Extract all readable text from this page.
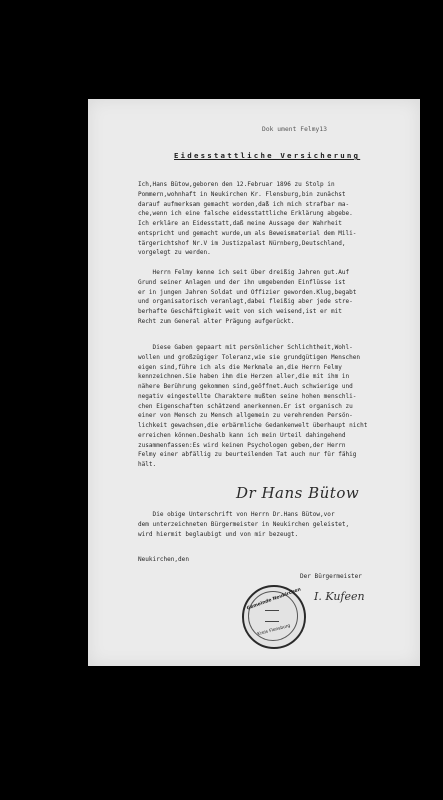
Dok ument Felmy13
Eidesstattliche Versicherung
Ich,Hans Bütow,geboren den 12.Februar 1896 zu Stolp in
Pommern,wohnhaft in Neukirchen Kr. Flensburg,bin zunächst
darauf aufmerksam gemacht worden,daß ich mich strafbar ma-
che,wenn ich eine falsche eidesstattliche Erklärung abgebe.
Ich erkläre an Eidesstatt,daß meine Aussage der Wahrheit
entspricht und gemacht wurde,um als Beweismaterial dem Mili-
tärgerichtshof Nr.V im Justizpalast Nürnberg,Deutschland,
vorgelegt zu werden.
Herrn Felmy kenne ich seit über dreißig Jahren gut.Auf
Grund seiner Anlagen und der ihn umgebenden Einflüsse ist
er in jungen Jahren Soldat und Offizier geworden.Klug,begabt
und organisatorisch veranlagt,dabei fleißig aber jede stre-
berhafte Geschäftigkeit weit von sich weisend,ist er mit
Recht zum General alter Prägung aufgerückt.
Diese Gaben gepaart mit persönlicher Schlichtheit,Wohl-
wollen und großzügiger Toleranz,wie sie grundgütigen Menschen
eigen sind,führe ich als die Merkmale an,die Herrn Felmy
kennzeichnen.Sie haben ihm die Herzen aller,die mit ihm in
nähere Berührung gekommen sind,geöffnet.Auch schwierige und
negativ eingestellte Charaktere mußten seine hohen menschli-
chen Eigenschaften schätzend anerkennen.Er ist organisch zu
einer von Mensch zu Mensch allgemein zu verehrenden Persön-
lichkeit gewachsen,die erbärmliche Gedankenwelt überhaupt nicht
erreichen können.Deshalb kann ich mein Urteil dahingehend
zusammenfassen:Es wird keinen Psychologen geben,der Herrn
Felmy einer abfällig zu beurteilenden Tat auch nur für fähig
hält.
Dr Hans Bütow
Die obige Unterschrift von Herrn Dr.Hans Bütow,vor
dem unterzeichneten Bürgermeister in Neukirchen geleistet,
wird hiermit beglaubigt und von mir bezeugt.
Neukirchen,den
Der Bürgermeister
Gemeinde Neukirchen
Kreis Flensburg
I. Kufeen
